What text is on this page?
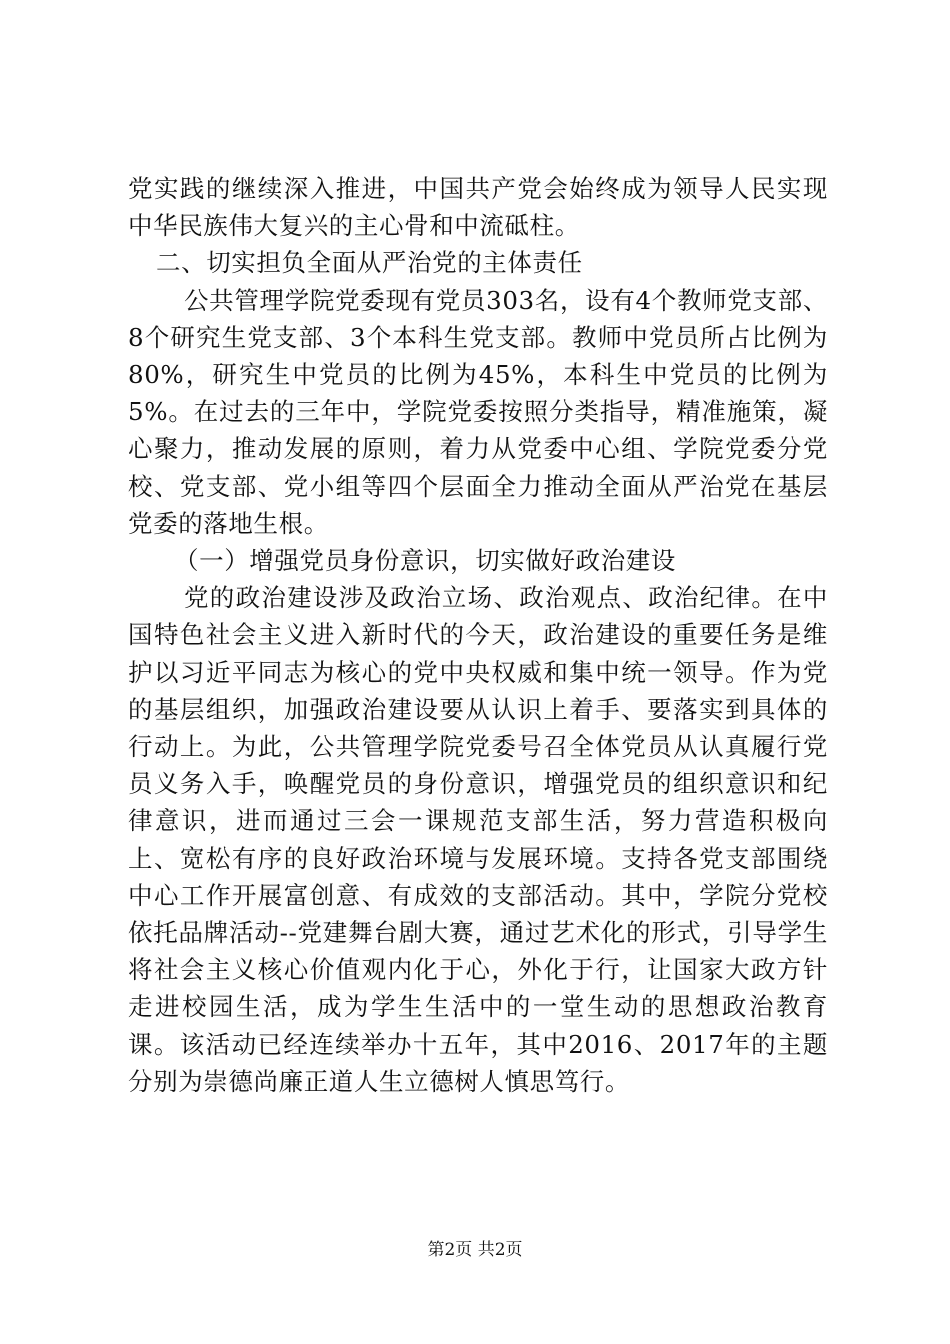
党实践的继续深入推进，中国共产党会始终成为领导人民实现中华民族伟大复兴的主心骨和中流砥柱。

二、切实担负全面从严治党的主体责任

公共管理学院党委现有党员303名，设有4个教师党支部、8个研究生党支部、3个本科生党支部。教师中党员所占比例为80%，研究生中党员的比例为45%，本科生中党员的比例为5%。在过去的三年中，学院党委按照分类指导，精准施策，凝心聚力，推动发展的原则，着力从党委中心组、学院党委分党校、党支部、党小组等四个层面全力推动全面从严治党在基层党委的落地生根。

（一）增强党员身份意识，切实做好政治建设

党的政治建设涉及政治立场、政治观点、政治纪律。在中国特色社会主义进入新时代的今天，政治建设的重要任务是维护以习近平同志为核心的党中央权威和集中统一领导。作为党的基层组织，加强政治建设要从认识上着手、要落实到具体的行动上。为此，公共管理学院党委号召全体党员从认真履行党员义务入手，唤醒党员的身份意识，增强党员的组织意识和纪律意识，进而通过三会一课规范支部生活，努力营造积极向上、宽松有序的良好政治环境与发展环境。支持各党支部围绕中心工作开展富创意、有成效的支部活动。其中，学院分党校依托品牌活动--党建舞台剧大赛，通过艺术化的形式，引导学生将社会主义核心价值观内化于心，外化于行，让国家大政方针走进校园生活，成为学生生活中的一堂生动的思想政治教育课。该活动已经连续举办十五年，其中2016、2017年的主题分别为崇德尚廉正道人生立德树人慎思笃行。

第2页 共2页
